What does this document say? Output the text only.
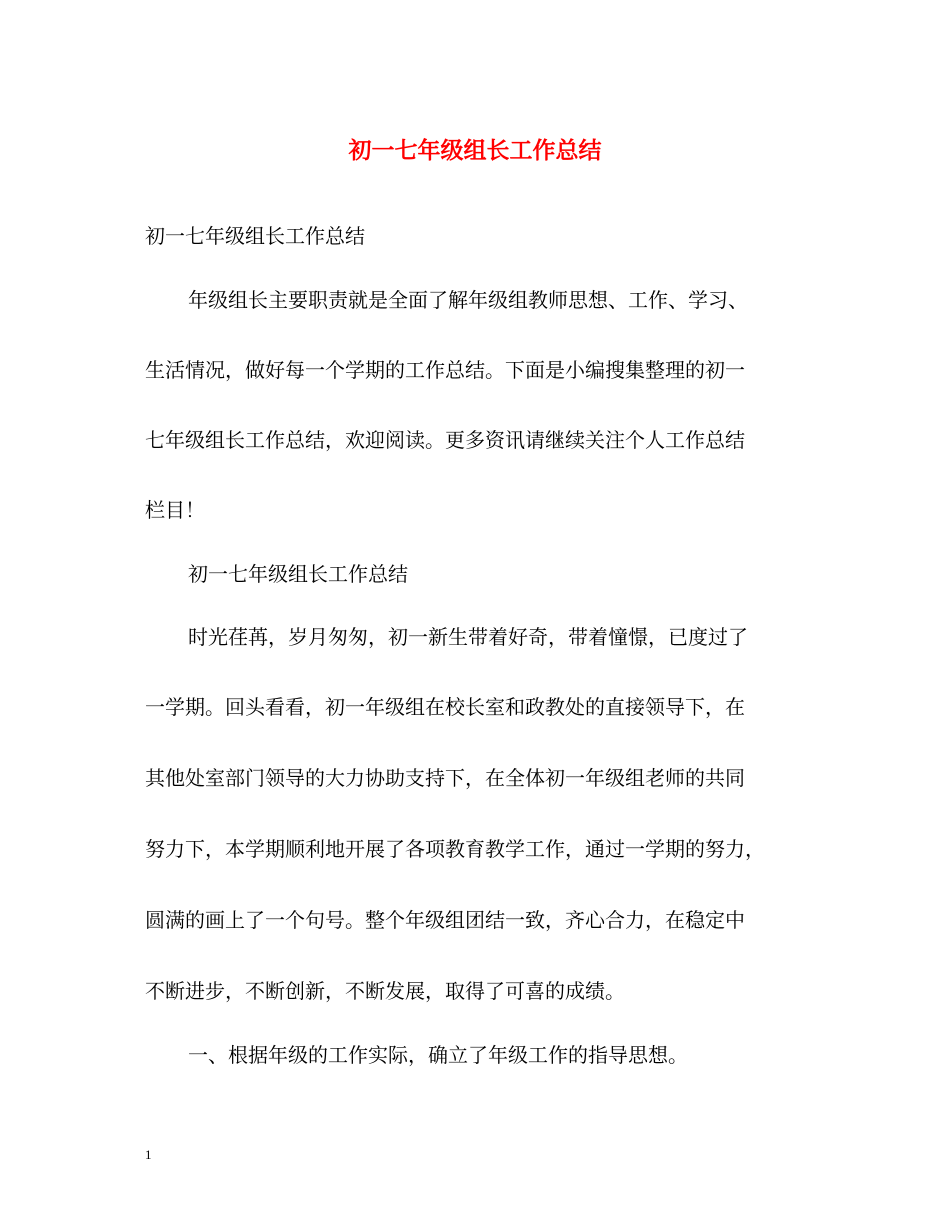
初一七年级组长工作总结

初一七年级组长工作总结

年级组长主要职责就是全面了解年级组教师思想、工作、学习、

生活情况，做好每一个学期的工作总结。下面是小编搜集整理的初一

七年级组长工作总结，欢迎阅读。更多资讯请继续关注个人工作总结

栏目！

初一七年级组长工作总结

时光荏苒，岁月匆匆，初一新生带着好奇，带着憧憬，已度过了

一学期。回头看看，初一年级组在校长室和政教处的直接领导下，在

其他处室部门领导的大力协助支持下，在全体初一年级组老师的共同

努力下，本学期顺利地开展了各项教育教学工作，通过一学期的努力，

圆满的画上了一个句号。整个年级组团结一致，齐心合力，在稳定中

不断进步，不断创新，不断发展，取得了可喜的成绩。

一、根据年级的工作实际，确立了年级工作的指导思想。

1
